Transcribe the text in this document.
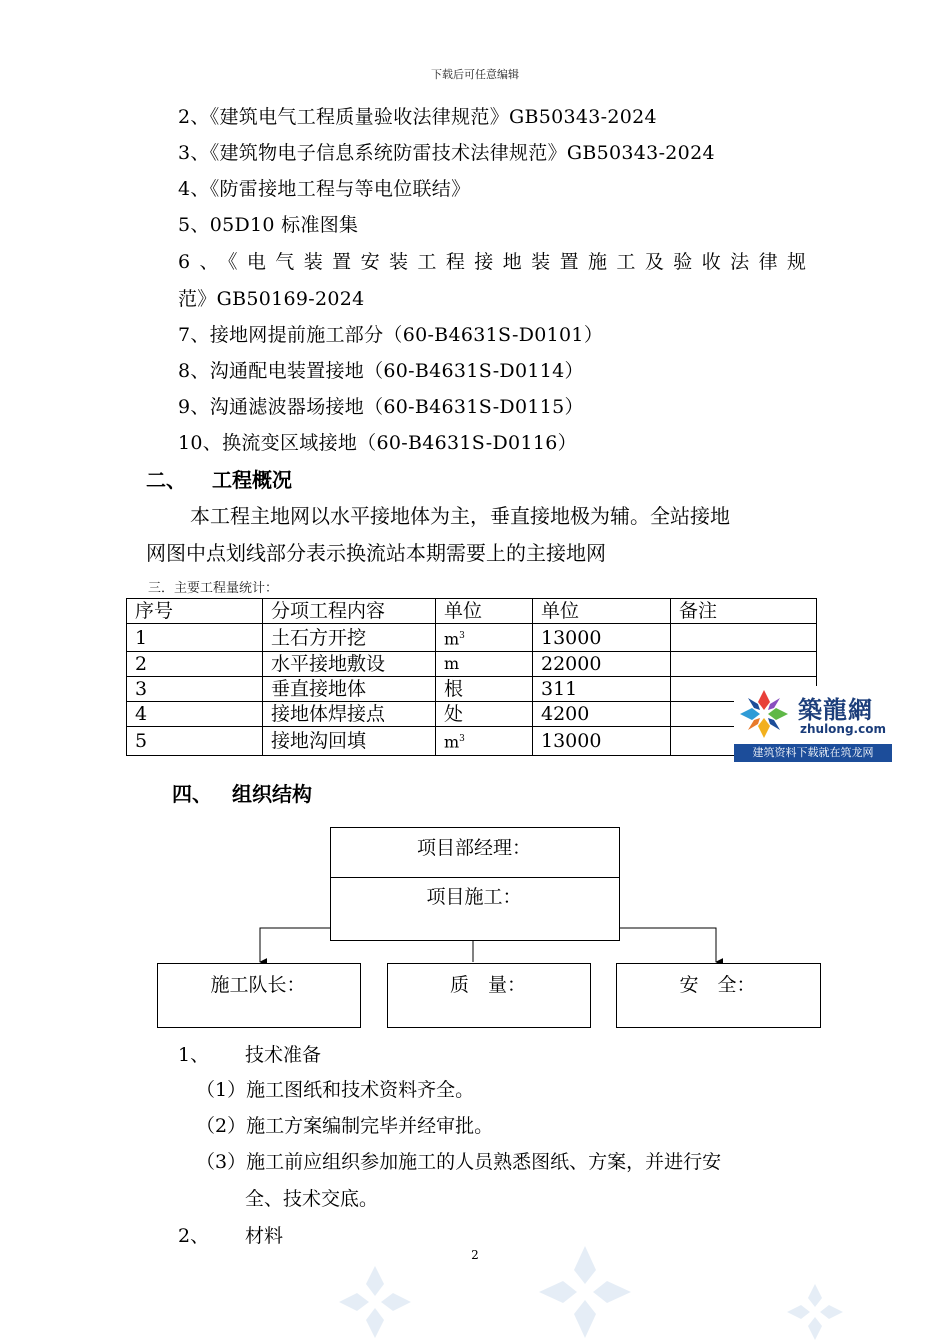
下载后可任意编辑
2、《建筑电气工程质量验收法律规范》GB50343-2024
3、《建筑物电子信息系统防雷技术法律规范》GB50343-2024
4、《防雷接地工程与等电位联结》
5、05D10 标准图集
6、《电气装置安装工程接地装置施工及验收法律规
范》GB50169-2024
7、接地网提前施工部分（60-B4631S-D0101）
8、沟通配电装置接地（60-B4631S-D0114）
9、沟通滤波器场接地（60-B4631S-D0115）
10、换流变区域接地（60-B4631S-D0116）
二、 工程概况
本工程主地网以水平接地体为主，垂直接地极为辅。全站接地
网图中点划线部分表示换流站本期需要上的主接地网
三．主要工程量统计：
序号	分项工程内容	单位	单位	备注
1	土石方开挖	$m^3$	13000	
2	水平接地敷设	m	22000	
3	垂直接地体	根	311	
4	接地体焊接点	处	4200	
5	接地沟回填	$m^3$	13000	
築龍網
zhulong.com
建筑资料下载就在筑龙网
四、 组织结构
项目部经理：
项目施工：
施工队长：	质　量：	安　全：
1、 技术准备
（1）施工图纸和技术资料齐全。
（2）施工方案编制完毕并经审批。
（3）施工前应组织参加施工的人员熟悉图纸、方案，并进行安
全、技术交底。
2、 材料
2
